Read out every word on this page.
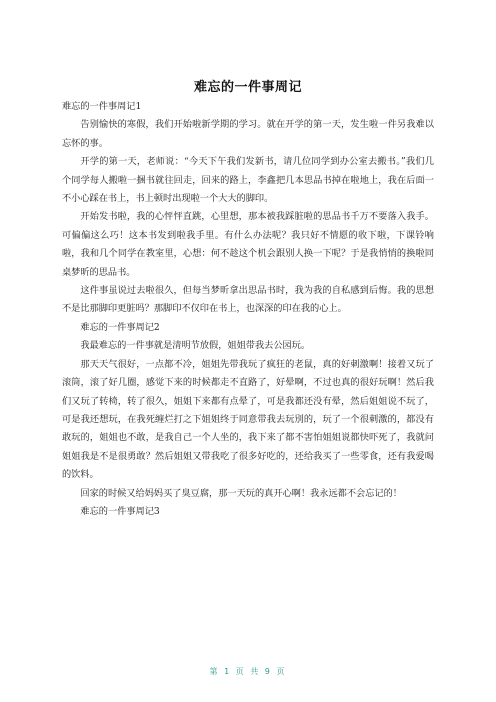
难忘的一件事周记

难忘的一件事周记1

告别愉快的寒假，我们开始啦新学期的学习。就在开学的第一天，发生啦一件另我难以忘怀的事。

开学的第一天，老师说：“今天下午我们发新书，请几位同学到办公室去搬书。”我们几个同学每人搬啦一捆书就往回走，回来的路上，李鑫把几本思品书掉在啦地上，我在后面一不小心踩在书上，书上顿时出现啦一个大大的脚印。

开始发书啦，我的心怦怦直跳，心里想，那本被我踩脏啦的思品书千万不要落入我手。可偏偏这么巧！这本书发到啦我手里。有什么办法呢？我只好不情愿的收下啦，下课铃响啦，我和几个同学在教室里，心想：何不趁这个机会跟别人换一下呢？于是我悄悄的换啦同桌梦昕的思品书。

这件事虽说过去啦很久，但每当梦昕拿出思品书时，我为我的自私感到后悔。我的思想不是比那脚印更脏吗？那脚印不仅印在书上，也深深的印在我的心上。

难忘的一件事周记2

我最难忘的一件事就是清明节放假，姐姐带我去公园玩。

那天天气很好，一点都不冷，姐姐先带我玩了疯狂的老鼠，真的好刺激啊！接着又玩了滚筒，滚了好几圈，感觉下来的时候都走不直路了，好晕啊，不过也真的很好玩啊！然后我们又玩了转椅，转了很久，姐姐下来都有点晕了，可是我都还没有晕，然后姐姐说不玩了，可是我还想玩，在我死缠烂打之下姐姐终于同意带我去玩別的，玩了一个很刺激的，都没有敢玩的，姐姐也不敢，是我自己一个人坐的，我下来了都不害怕姐姐说都快吓死了，我就问姐姐我是不是很勇敢？然后姐姐又带我吃了很多好吃的，还给我买了一些零食，还有我爱喝的饮料。

回家的时候又给妈妈买了臭豆腐，那一天玩的真开心啊！我永远都不会忘记的！

难忘的一件事周记3

第 1 页 共 9 页
